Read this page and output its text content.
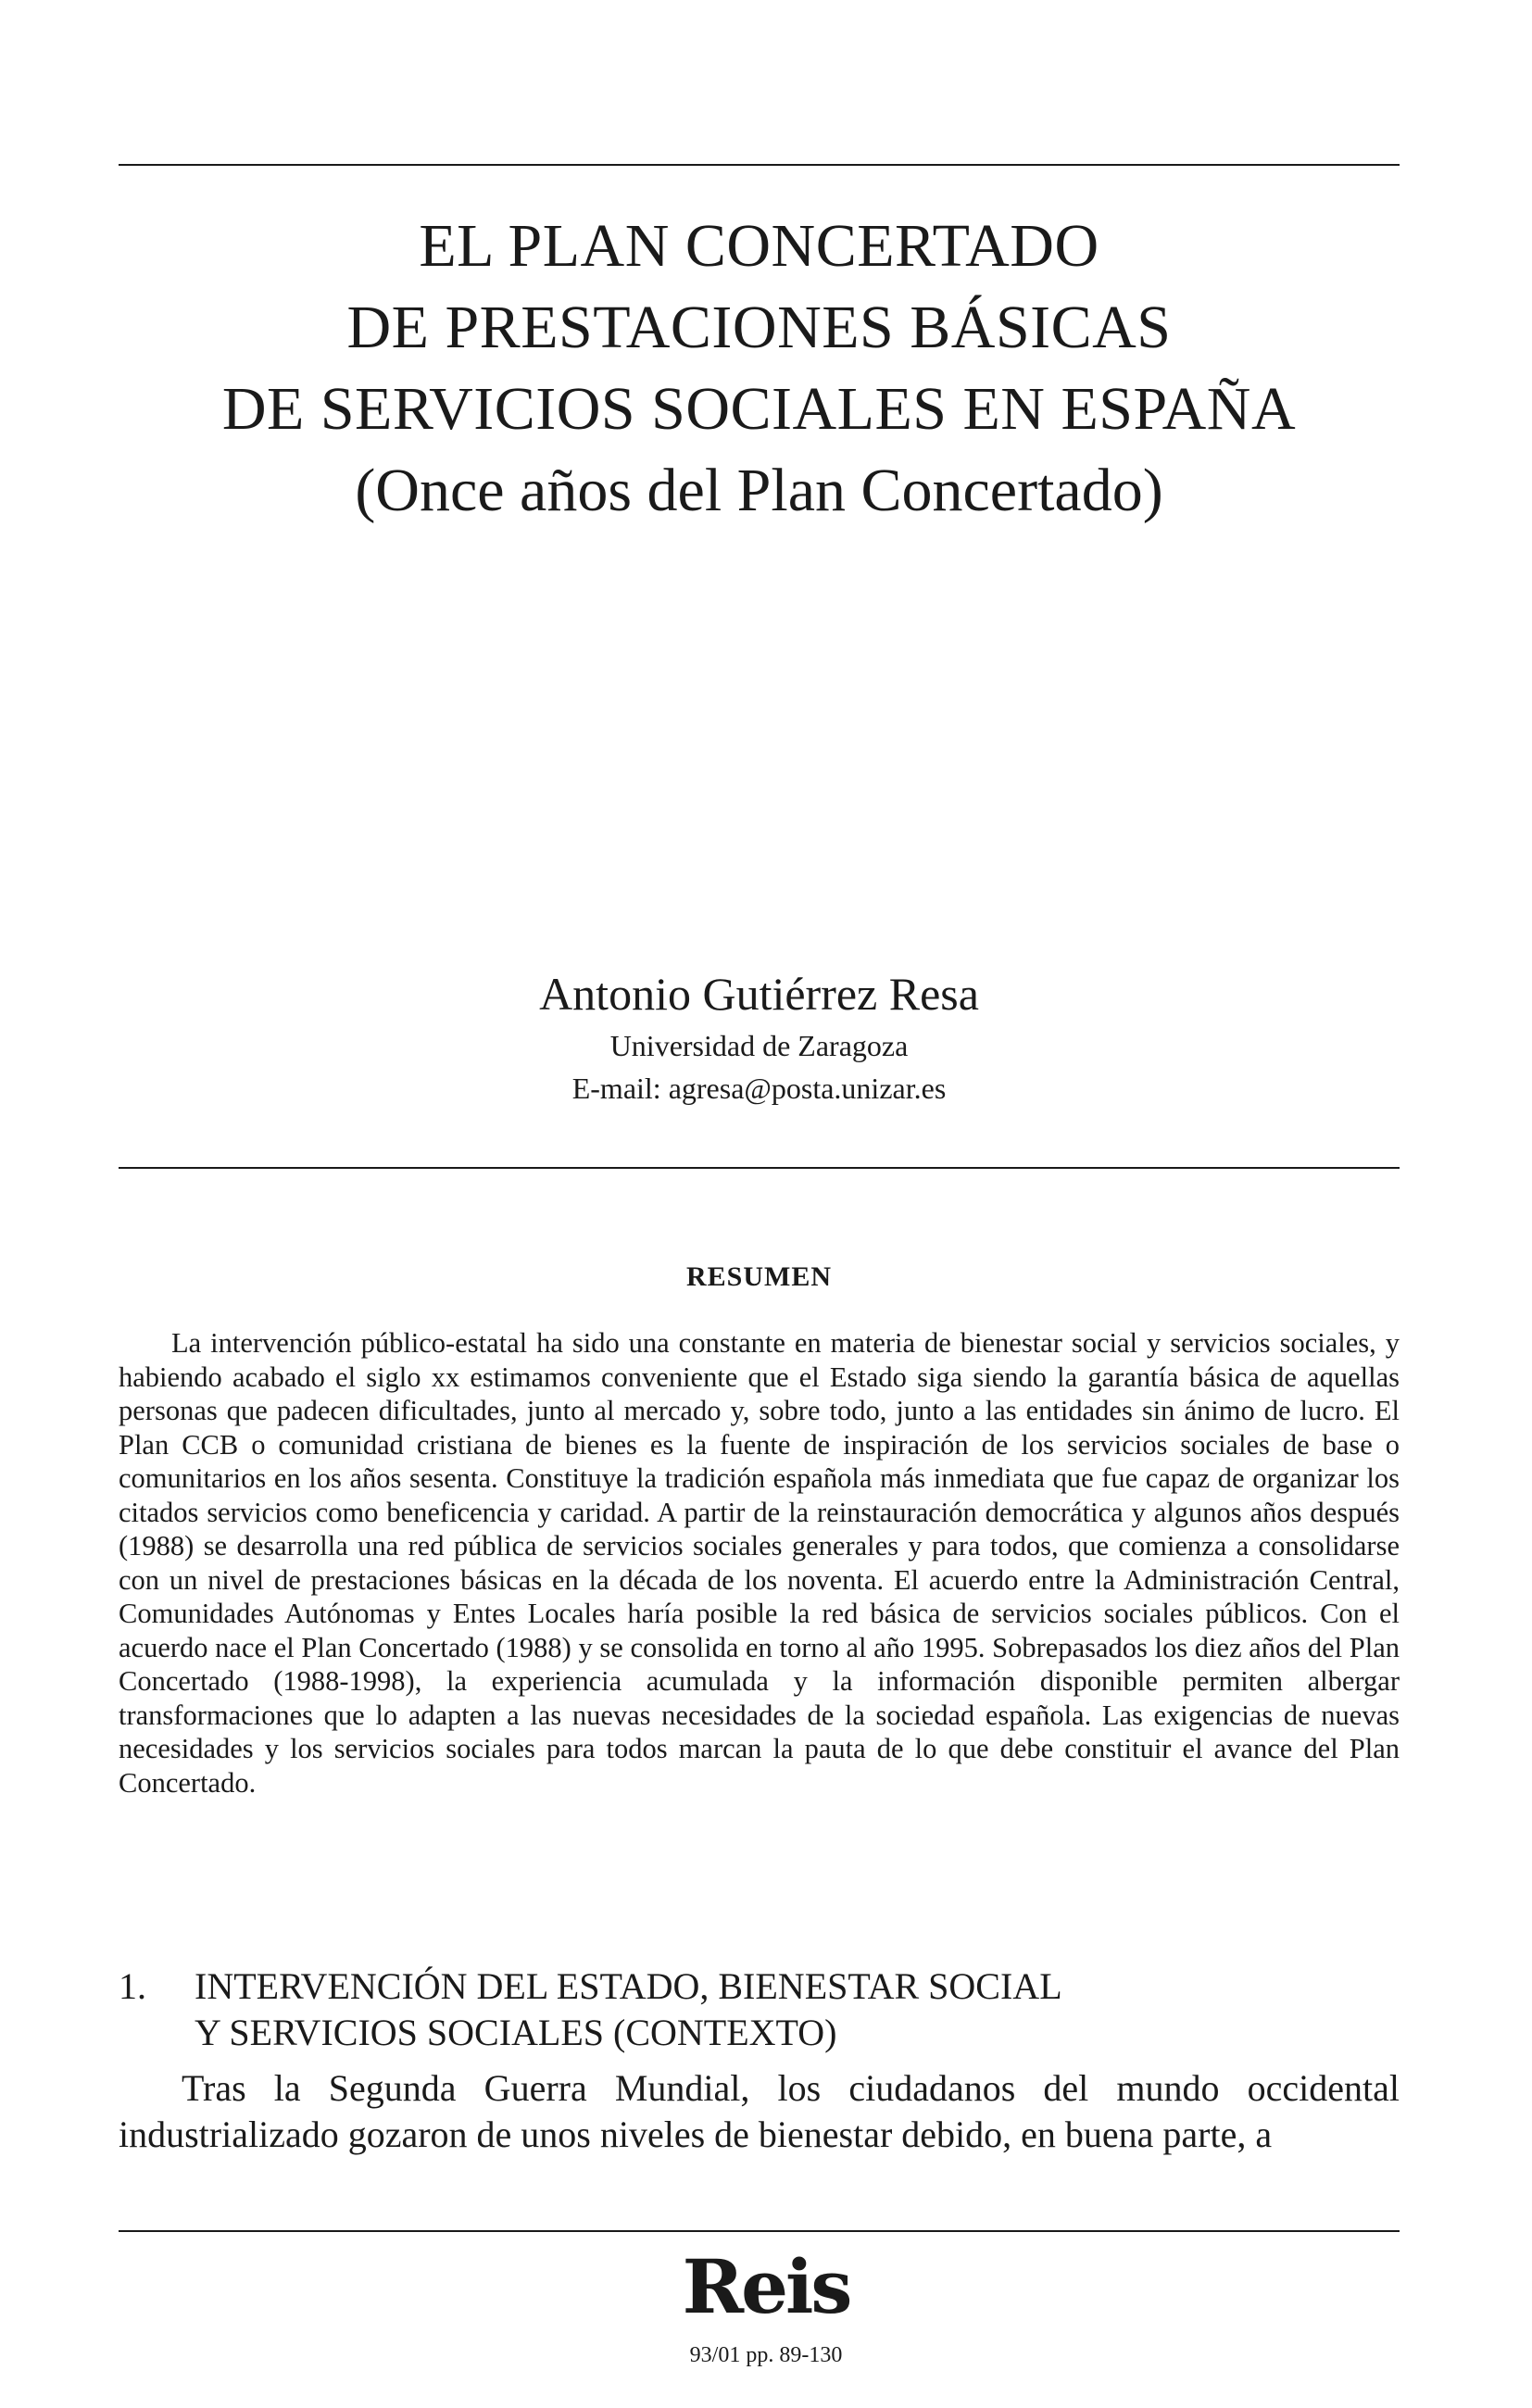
EL PLAN CONCERTADO
DE PRESTACIONES BÁSICAS
DE SERVICIOS SOCIALES EN ESPAÑA
(Once años del Plan Concertado)
Antonio Gutiérrez Resa
Universidad de Zaragoza
E-mail: agresa@posta.unizar.es
RESUMEN

La intervención público-estatal ha sido una constante en materia de bienestar social y servicios sociales, y habiendo acabado el siglo xx estimamos conveniente que el Estado siga siendo la garantía básica de aquellas personas que padecen dificultades, junto al mercado y, sobre todo, junto a las entidades sin ánimo de lucro. El Plan CCB o comunidad cristiana de bienes es la fuente de inspiración de los servicios sociales de base o comunitarios en los años sesenta. Constituye la tradición española más inmediata que fue capaz de organizar los citados servicios como beneficencia y caridad. A partir de la reinstauración democrática y algunos años después (1988) se desarrolla una red pública de servicios sociales generales y para todos, que comienza a consolidarse con un nivel de prestaciones básicas en la década de los noventa. El acuerdo entre la Administración Central, Comunidades Autónomas y Entes Locales haría posible la red básica de servicios sociales públicos. Con el acuerdo nace el Plan Concertado (1988) y se consolida en torno al año 1995. Sobrepasados los diez años del Plan Concertado (1988-1998), la experiencia acumulada y la información disponible permiten albergar transformaciones que lo adapten a las nuevas necesidades de la sociedad española. Las exigencias de nuevas necesidades y los servicios sociales para todos marcan la pauta de lo que debe constituir el avance del Plan Concertado.

1. INTERVENCIÓN DEL ESTADO, BIENESTAR SOCIAL
Y SERVICIOS SOCIALES (CONTEXTO)

Tras la Segunda Guerra Mundial, los ciudadanos del mundo occidental industrializado gozaron de unos niveles de bienestar debido, en buena parte, a

Reis
93/01 pp. 89-130
